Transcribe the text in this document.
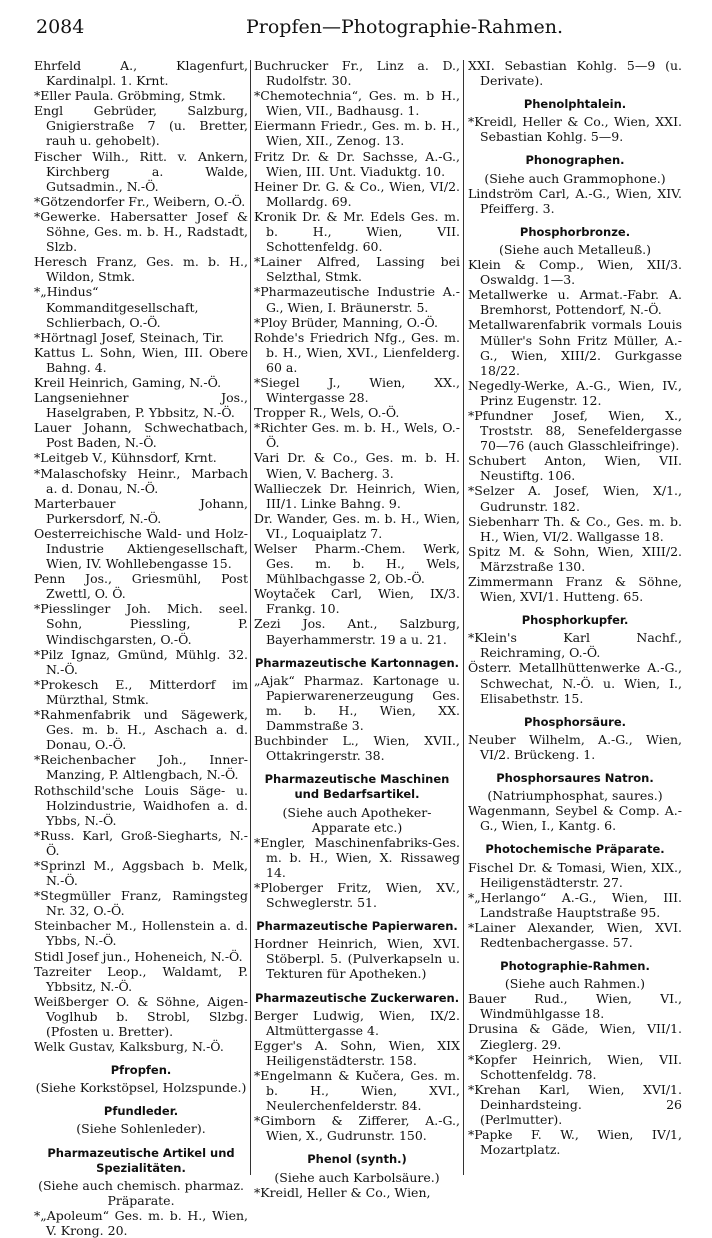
2084	Propfen—Photographie-Rahmen.
Ehrfeld A., Klagenfurt, Kardinalpl. 1. Krnt.
*Eller Paula. Gröbming, Stmk.
Engl Gebrüder, Salzburg, Gnigierstraße 7 (u. Bretter, rauh u. gehobelt).
Fischer Wilh., Ritt. v. Ankern, Kirchberg a. Walde, Gutsadmin., N.-Ö.
*Götzendorfer Fr., Weibern, O.-Ö.
*Gewerke. Habersatter Josef & Söhne, Ges. m. b. H., Radstadt, Slzb.
Heresch Franz, Ges. m. b. H., Wildon, Stmk.
*„Hindus“ Kommanditgesellschaft, Schlierbach, O.-Ö.
*Hörtnagl Josef, Steinach, Tir.
Kattus L. Sohn, Wien, III. Obere Bahng. 4.
Kreil Heinrich, Gaming, N.-Ö.
Langseniehner Jos., Haselgraben, P. Ybbsitz, N.-Ö.
Lauer Johann, Schwechatbach, Post Baden, N.-Ö.
*Leitgeb V., Kühnsdorf, Krnt.
*Malaschofsky Heinr., Marbach a. d. Donau, N.-Ö.
Marterbauer Johann, Purkersdorf, N.-Ö.
Oesterreichische Wald- und Holz-Industrie Aktiengesellschaft, Wien, IV. Wohllebengasse 15.
Penn Jos., Griesmühl, Post Zwettl, O. Ö.
*Piesslinger Joh. Mich. seel. Sohn, Piessling, P. Windischgarsten, O.-Ö.
*Pilz Ignaz, Gmünd, Mühlg. 32. N.-Ö.
*Prokesch E., Mitterdorf im Mürzthal, Stmk.
*Rahmenfabrik und Sägewerk, Ges. m. b. H., Aschach a. d. Donau, O.-Ö.
*Reichenbacher Joh., Inner-Manzing, P. Altlengbach, N.-Ö.
Rothschild'sche Louis Säge- u. Holzindustrie, Waidhofen a. d. Ybbs, N.-Ö.
*Russ. Karl, Groß-Siegharts, N.-Ö.
*Sprinzl M., Aggsbach b. Melk, N.-Ö.
*Stegmüller Franz, Ramingsteg Nr. 32, O.-Ö.
Steinbacher M., Hollenstein a. d. Ybbs, N.-Ö.
Stidl Josef jun., Hoheneich, N.-Ö.
Tazreiter Leop., Waldamt, P. Ybbsitz, N.-Ö.
Weißberger O. & Söhne, Aigen-Voglhub b. Strobl, Slzbg. (Pfosten u. Bretter).
Welk Gustav, Kalksburg, N.-Ö.
Pfropfen.
(Siehe Korkstöpsel, Holzspunde.)
Pfundleder.
(Siehe Sohlenleder).
Pharmazeutische Artikel und Spezialitäten.
(Siehe auch chemisch. pharmaz. Präparate.
*„Apoleum“ Ges. m. b. H., Wien, V. Krong. 20.
Buchrucker Fr., Linz a. D., Rudolfstr. 30.
*Chemotechnia“, Ges. m. b H., Wien, VII., Badhausg. 1.
Eiermann Friedr., Ges. m. b. H., Wien, XII., Zenog. 13.
Fritz Dr. & Dr. Sachsse, A.-G., Wien, III. Unt. Viaduktg. 10.
Heiner Dr. G. & Co., Wien, VI/2. Mollardg. 69.
Kronik Dr. & Mr. Edels Ges. m. b. H., Wien, VII. Schottenfeldg. 60.
*Lainer Alfred, Lassing bei Selzthal, Stmk.
*Pharmazeutische Industrie A.-G., Wien, I. Bräunerstr. 5.
*Ploy Brüder, Manning, O.-Ö.
Rohde's Friedrich Nfg., Ges. m. b. H., Wien, XVI., Lienfelderg. 60 a.
*Siegel J., Wien, XX., Wintergasse 28.
Tropper R., Wels, O.-Ö.
*Richter Ges. m. b. H., Wels, O.-Ö.
Vari Dr. & Co., Ges. m. b. H. Wien, V. Bacherg. 3.
Wallieczek Dr. Heinrich, Wien, III/1. Linke Bahng. 9.
Dr. Wander, Ges. m. b. H., Wien, VI., Loquaiplatz 7.
Welser Pharm.-Chem. Werk, Ges. m. b. H., Wels, Mühlbachgasse 2, Ob.-Ö.
Woytaček Carl, Wien, IX/3. Frankg. 10.
Zezi Jos. Ant., Salzburg, Bayerhammerstr. 19 a u. 21.
Pharmazeutische Kartonnagen.
„Ajak“ Pharmaz. Kartonage u. Papierwarenerzeugung Ges. m. b. H., Wien, XX. Dammstraße 3.
Buchbinder L., Wien, XVII., Ottakringerstr. 38.
Pharmazeutische Maschinen und Bedarfsartikel.
(Siehe auch Apotheker-Apparate etc.)
*Engler, Maschinenfabriks-Ges. m. b. H., Wien, X. Rissaweg 14.
*Ploberger Fritz, Wien, XV., Schweglerstr. 51.
Pharmazeutische Papierwaren.
Hordner Heinrich, Wien, XVI. Stöberpl. 5. (Pulverkapseln u. Tekturen für Apotheken.)
Pharmazeutische Zuckerwaren.
Berger Ludwig, Wien, IX/2. Altmüttergasse 4.
Egger's A. Sohn, Wien, XIX Heiligenstädterstr. 158.
*Engelmann & Kučera, Ges. m. b. H., Wien, XVI., Neulerchenfelderstr. 84.
*Gimborn & Zifferer, A.-G., Wien, X., Gudrunstr. 150.
Phenol (synth.)
(Siehe auch Karbolsäure.)
*Kreidl, Heller & Co., Wien,
XXI. Sebastian Kohlg. 5—9 (u. Derivate).
Phenolphtalein.
*Kreidl, Heller & Co., Wien, XXI. Sebastian Kohlg. 5—9.
Phonographen.
(Siehe auch Grammophone.)
Lindström Carl, A.-G., Wien, XIV. Pfeifferg. 3.
Phosphorbronze.
(Siehe auch Metalleuß.)
Klein & Comp., Wien, XII/3. Oswaldg. 1—3.
Metallwerke u. Armat.-Fabr. A. Bremhorst, Pottendorf, N.-Ö.
Metallwarenfabrik vormals Louis Müller's Sohn Fritz Müller, A.-G., Wien, XIII/2. Gurkgasse 18/22.
Negedly-Werke, A.-G., Wien, IV., Prinz Eugenstr. 12.
*Pfundner Josef, Wien, X., Troststr. 88, Senefeldergasse 70—76 (auch Glasschleifringe).
Schubert Anton, Wien, VII. Neustiftg. 106.
*Selzer A. Josef, Wien, X/1., Gudrunstr. 182.
Siebenharr Th. & Co., Ges. m. b. H., Wien, VI/2. Wallgasse 18.
Spitz M. & Sohn, Wien, XIII/2. Märzstraße 130.
Zimmermann Franz & Söhne, Wien, XVI/1. Hutteng. 65.
Phosphorkupfer.
*Klein's Karl Nachf., Reichraming, O.-Ö.
Österr. Metallhüttenwerke A.-G., Schwechat, N.-Ö. u. Wien, I., Elisabethstr. 15.
Phosphorsäure.
Neuber Wilhelm, A.-G., Wien, VI/2. Brückeng. 1.
Phosphorsaures Natron.
(Natriumphosphat, saures.)
Wagenmann, Seybel & Comp. A.-G., Wien, I., Kantg. 6.
Photochemische Präparate.
Fischel Dr. & Tomasi, Wien, XIX., Heiligenstädterstr. 27.
*„Herlango“ A.-G., Wien, III. Landstraße Hauptstraße 95.
*Lainer Alexander, Wien, XVI. Redtenbachergasse. 57.
Photographie-Rahmen.
(Siehe auch Rahmen.)
Bauer Rud., Wien, VI., Windmühlgasse 18.
Drusina & Gäde, Wien, VII/1. Zieglerg. 29.
*Kopfer Heinrich, Wien, VII. Schottenfeldg. 78.
*Krehan Karl, Wien, XVI/1. Deinhardsteing. 26 (Perlmutter).
*Papke F. W., Wien, IV/1, Mozartplatz.
